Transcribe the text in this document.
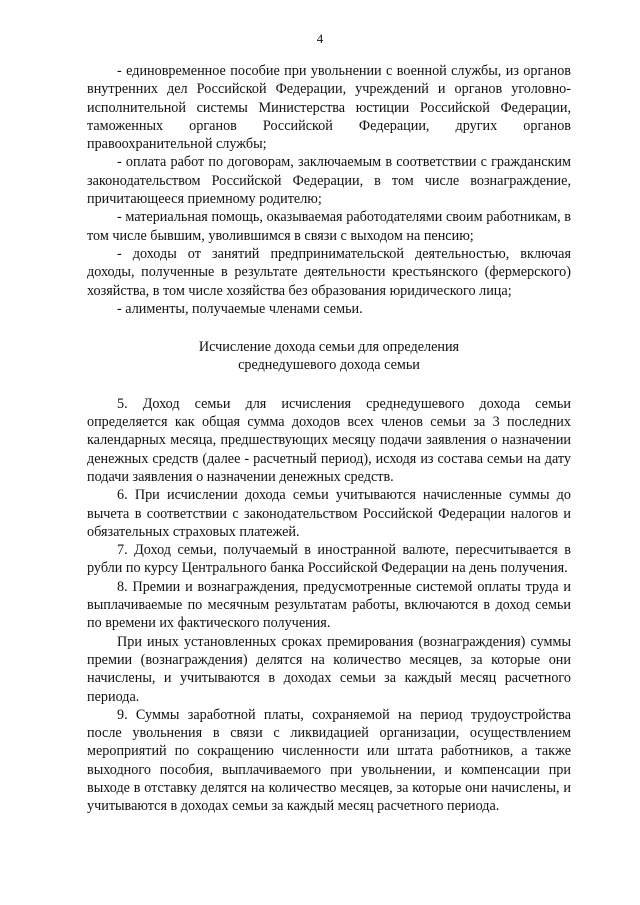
4

- единовременное пособие при увольнении с военной службы, из органов внутренних дел Российской Федерации, учреждений и органов уголовно-исполнительной системы Министерства юстиции Российской Федерации, таможенных органов Российской Федерации, других органов правоохранительной службы;

- оплата работ по договорам, заключаемым в соответствии с гражданским законодательством Российской Федерации, в том числе вознаграждение, причитающееся приемному родителю;

- материальная помощь, оказываемая работодателями своим работникам, в том числе бывшим, уволившимся в связи с выходом на пенсию;

- доходы от занятий предпринимательской деятельностью, включая доходы, полученные в результате деятельности крестьянского (фермерского) хозяйства, в том числе хозяйства без образования юридического лица;

- алименты, получаемые членами семьи.

Исчисление дохода семьи для определения
среднедушевого дохода семьи

5. Доход семьи для исчисления среднедушевого дохода семьи определяется как общая сумма доходов всех членов семьи за 3 последних календарных месяца, предшествующих месяцу подачи заявления о назначении денежных средств (далее - расчетный период), исходя из состава семьи на дату подачи заявления о назначении денежных средств.

6. При исчислении дохода семьи учитываются начисленные суммы до вычета в соответствии с законодательством Российской Федерации налогов и обязательных страховых платежей.

7. Доход семьи, получаемый в иностранной валюте, пересчитывается в рубли по курсу Центрального банка Российской Федерации на день получения.

8. Премии и вознаграждения, предусмотренные системой оплаты труда и выплачиваемые по месячным результатам работы, включаются в доход семьи по времени их фактического получения.

При иных установленных сроках премирования (вознаграждения) суммы премии (вознаграждения) делятся на количество месяцев, за которые они начислены, и учитываются в доходах семьи за каждый месяц расчетного периода.

9. Суммы заработной платы, сохраняемой на период трудоустройства после увольнения в связи с ликвидацией организации, осуществлением мероприятий по сокращению численности или штата работников, а также выходного пособия, выплачиваемого при увольнении, и компенсации при выходе в отставку делятся на количество месяцев, за которые они начислены, и учитываются в доходах семьи за каждый месяц расчетного периода.
